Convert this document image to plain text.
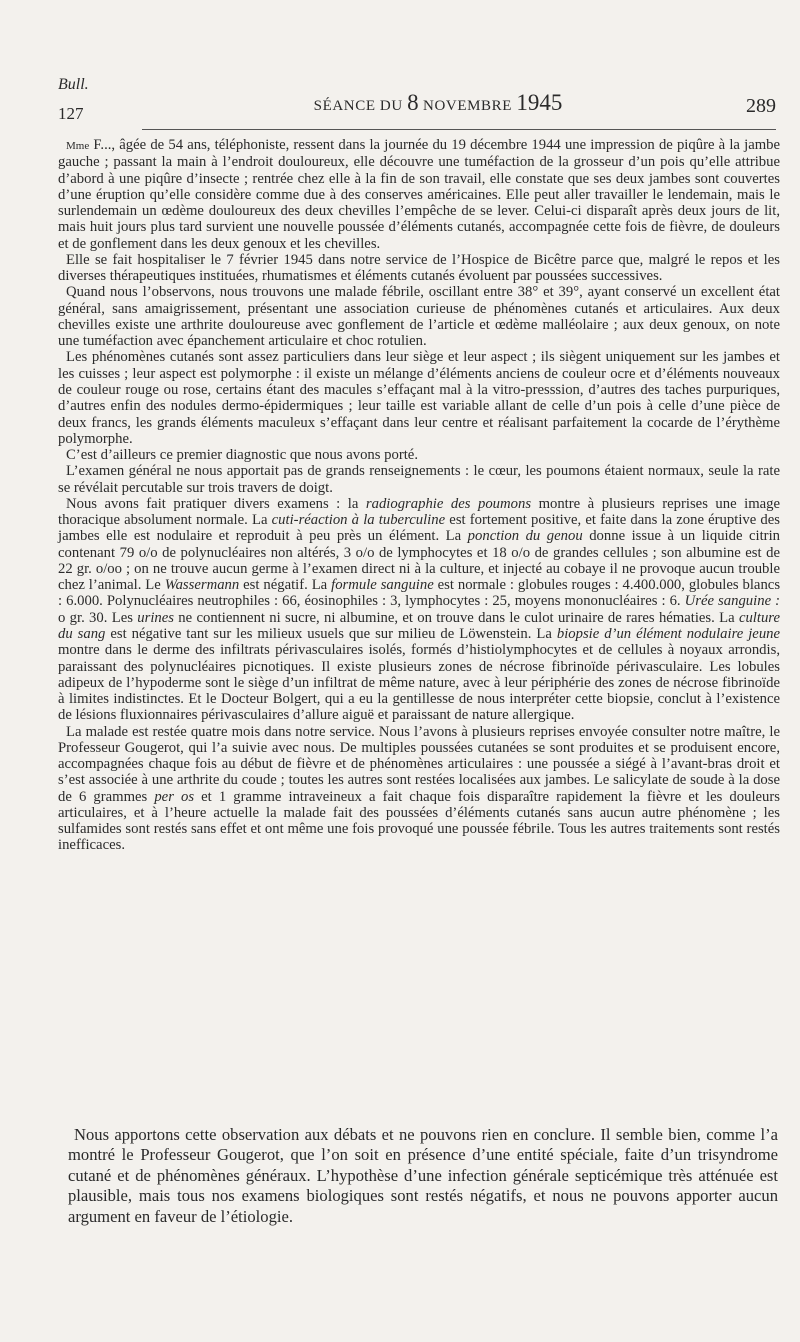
Bull.
127	SÉANCE DU 8 NOVEMBRE 1945	289

Mme F..., âgée de 54 ans, téléphoniste, ressent dans la journée du 19 décembre 1944 une impression de piqûre à la jambe gauche ; passant la main à l’endroit douloureux, elle découvre une tuméfaction de la grosseur d’un pois qu’elle attribue d’abord à une piqûre d’insecte ; rentrée chez elle à la fin de son travail, elle constate que ses deux jambes sont couvertes d’une éruption qu’elle considère comme due à des conserves américaines. Elle peut aller travailler le lendemain, mais le surlendemain un œdème douloureux des deux chevilles l’empêche de se lever. Celui-ci disparaît après deux jours de lit, mais huit jours plus tard survient une nouvelle poussée d’éléments cutanés, accompagnée cette fois de fièvre, de douleurs et de gonflement dans les deux genoux et les chevilles.

Elle se fait hospitaliser le 7 février 1945 dans notre service de l’Hospice de Bicêtre parce que, malgré le repos et les diverses thérapeutiques instituées, rhumatismes et éléments cutanés évoluent par poussées successives.

Quand nous l’observons, nous trouvons une malade fébrile, oscillant entre 38° et 39°, ayant conservé un excellent état général, sans amaigrissement, présentant une association curieuse de phénomènes cutanés et articulaires. Aux deux chevilles existe une arthrite douloureuse avec gonflement de l’article et œdème malléolaire ; aux deux genoux, on note une tuméfaction avec épanchement articulaire et choc rotulien.

Les phénomènes cutanés sont assez particuliers dans leur siège et leur aspect ; ils siègent uniquement sur les jambes et les cuisses ; leur aspect est polymorphe : il existe un mélange d’éléments anciens de couleur ocre et d’éléments nouveaux de couleur rouge ou rose, certains étant des macules s’effaçant mal à la vitro-presssion, d’autres des taches purpuriques, d’autres enfin des nodules dermo-épidermiques ; leur taille est variable allant de celle d’un pois à celle d’une pièce de deux francs, les grands éléments maculeux s’effaçant dans leur centre et réalisant parfaitement la cocarde de l’érythème polymorphe.

C’est d’ailleurs ce premier diagnostic que nous avons porté.

L’examen général ne nous apportait pas de grands renseignements : le cœur, les poumons étaient normaux, seule la rate se révélait percutable sur trois travers de doigt.

Nous avons fait pratiquer divers examens : la radiographie des poumons montre à plusieurs reprises une image thoracique absolument normale. La cuti-réaction à la tuberculine est fortement positive, et faite dans la zone éruptive des jambes elle est nodulaire et reproduit à peu près un élément. La ponction du genou donne issue à un liquide citrin contenant 79 o/o de polynucléaires non altérés, 3 o/o de lymphocytes et 18 o/o de grandes cellules ; son albumine est de 22 gr. o/oo ; on ne trouve aucun germe à l’examen direct ni à la culture, et injecté au cobaye il ne provoque aucun trouble chez l’animal. Le Wassermann est négatif. La formule sanguine est normale : globules rouges : 4.400.000, globules blancs : 6.000. Polynucléaires neutrophiles : 66, éosinophiles : 3, lymphocytes : 25, moyens mononucléaires : 6. Urée sanguine : o gr. 30. Les urines ne contiennent ni sucre, ni albumine, et on trouve dans le culot urinaire de rares hématies. La culture du sang est négative tant sur les milieux usuels que sur milieu de Löwenstein. La biopsie d’un élément nodulaire jeune montre dans le derme des infiltrats périvasculaires isolés, formés d’histiolymphocytes et de cellules à noyaux arrondis, paraissant des polynucléaires picnotiques. Il existe plusieurs zones de nécrose fibrinoïde périvasculaire. Les lobules adipeux de l’hypoderme sont le siège d’un infiltrat de même nature, avec à leur périphérie des zones de nécrose fibrinoïde à limites indistinctes. Et le Docteur Bolgert, qui a eu la gentillesse de nous interpréter cette biopsie, conclut à l’existence de lésions fluxionnaires périvasculaires d’allure aiguë et paraissant de nature allergique.

La malade est restée quatre mois dans notre service. Nous l’avons à plusieurs reprises envoyée consulter notre maître, le Professeur Gougerot, qui l’a suivie avec nous. De multiples poussées cutanées se sont produites et se produisent encore, accompagnées chaque fois au début de fièvre et de phénomènes articulaires : une poussée a siégé à l’avant-bras droit et s’est associée à une arthrite du coude ; toutes les autres sont restées localisées aux jambes. Le salicylate de soude à la dose de 6 grammes per os et 1 gramme intraveineux a fait chaque fois disparaître rapidement la fièvre et les douleurs articulaires, et à l’heure actuelle la malade fait des poussées d’éléments cutanés sans aucun autre phénomène ; les sulfamides sont restés sans effet et ont même une fois provoqué une poussée fébrile. Tous les autres traitements sont restés inefficaces.

Nous apportons cette observation aux débats et ne pouvons rien en conclure. Il semble bien, comme l’a montré le Professeur Gougerot, que l’on soit en présence d’une entité spéciale, faite d’un trisyndrome cutané et de phénomènes généraux. L’hypothèse d’une infection générale septicémique très atténuée est plausible, mais tous nos examens biologiques sont restés négatifs, et nous ne pouvons apporter aucun argument en faveur de l’étiologie.
